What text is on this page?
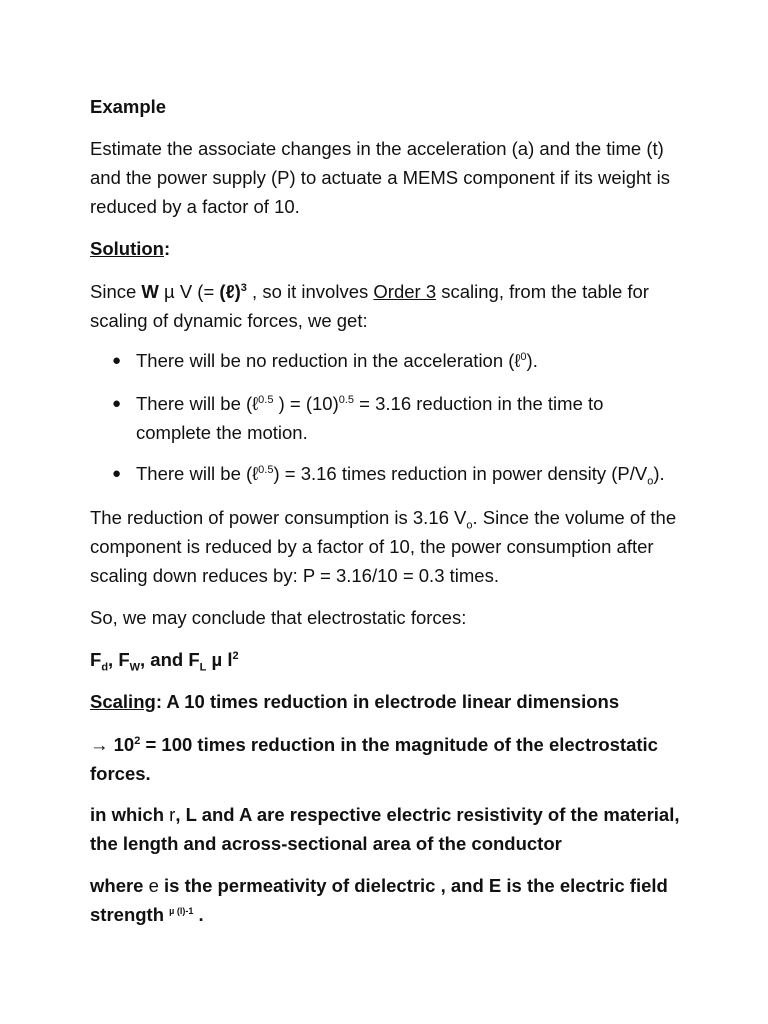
Example

Estimate the associate changes in the acceleration (a) and the time (t)
and the power supply (P) to actuate a MEMS component if its weight is
reduced by a factor of 10.

Solution:

Since W µ V (= (ℓ)$^3$ , so it involves Order 3 scaling, from the table for
scaling of dynamic forces, we get:
● There will be no reduction in the acceleration (ℓ$^0$).
● There will be (ℓ$^{0.5}$ ) = $(10)^{0.5} = 3.16$ reduction in the time to
complete the motion.
● There will be (ℓ$^{0.5}$) = 3.16 times reduction in power density $(P/V_o)$.
The reduction of power consumption is 3.16 $V_o$. Since the volume of the
component is reduced by a factor of 10, the power consumption after
scaling down reduces by: P = 3.16/10 = 0.3 times.

So, we may conclude that electrostatic forces:

$F_d$, $F_W$, and $F_L$ µ $l^2$

Scaling: A 10 times reduction in electrode linear dimensions

→ $10^2 = 100$ times reduction in the magnitude of the electrostatic
forces.
in which r, L and A are respective electric resistivity of the material,
the length and across-sectional area of the conductor
where e is the permeativity of dielectric , and E is the electric field
strength $^{\mu (l)-1}$ .
